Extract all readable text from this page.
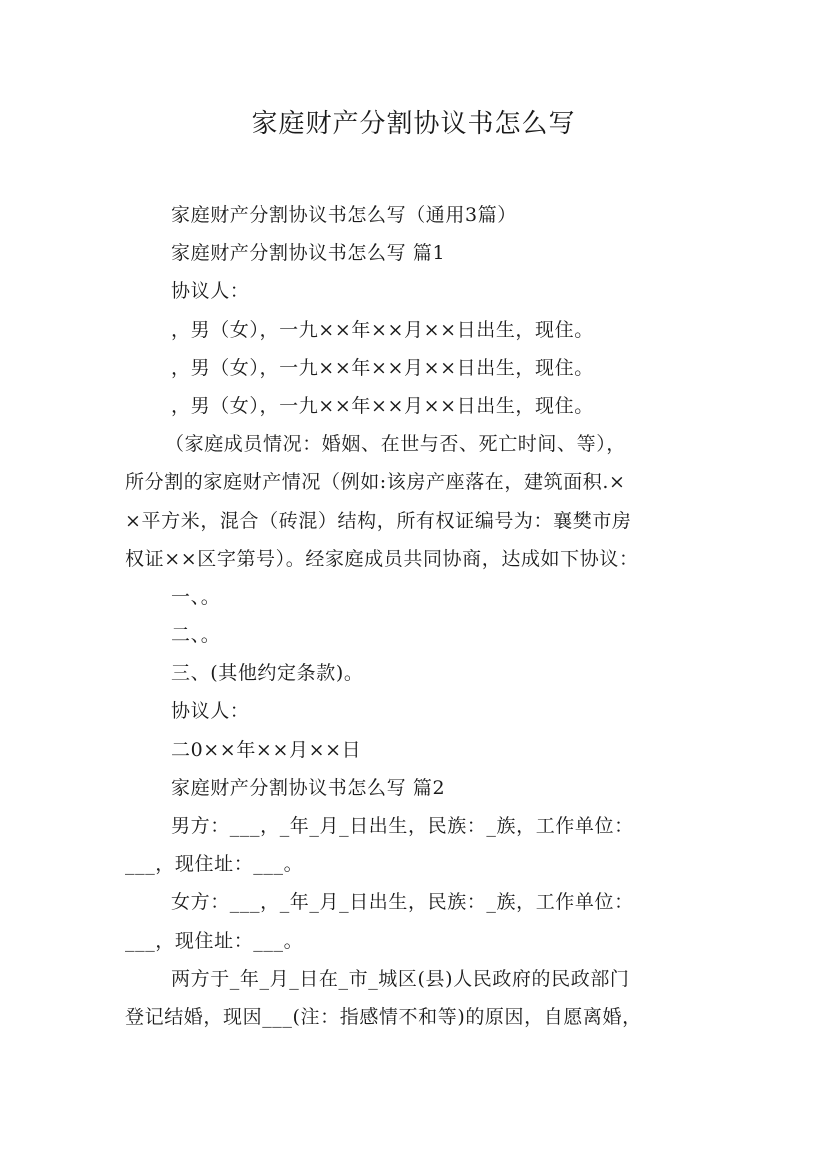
家庭财产分割协议书怎么写
家庭财产分割协议书怎么写（通用3篇）
家庭财产分割协议书怎么写 篇1
协议人：
，男（女），一九××年××月××日出生，现住。
，男（女），一九××年××月××日出生，现住。
，男（女），一九××年××月××日出生，现住。
（家庭成员情况：婚姻、在世与否、死亡时间、等），
所分割的家庭财产情况（例如:该房产座落在，建筑面积.×
×平方米，混合（砖混）结构，所有权证编号为：襄樊市房
权证××区字第号）。经家庭成员共同协商，达成如下协议：
一、。
二、。
三、(其他约定条款)。
协议人：
二0××年××月××日
家庭财产分割协议书怎么写 篇2
男方：___，_年_月_日出生，民族：_族，工作单位：
___，现住址：___。
女方：___，_年_月_日出生，民族：_族，工作单位：
___，现住址：___。
两方于_年_月_日在_市_城区(县)人民政府的民政部门
登记结婚，现因___(注：指感情不和等)的原因，自愿离婚，
